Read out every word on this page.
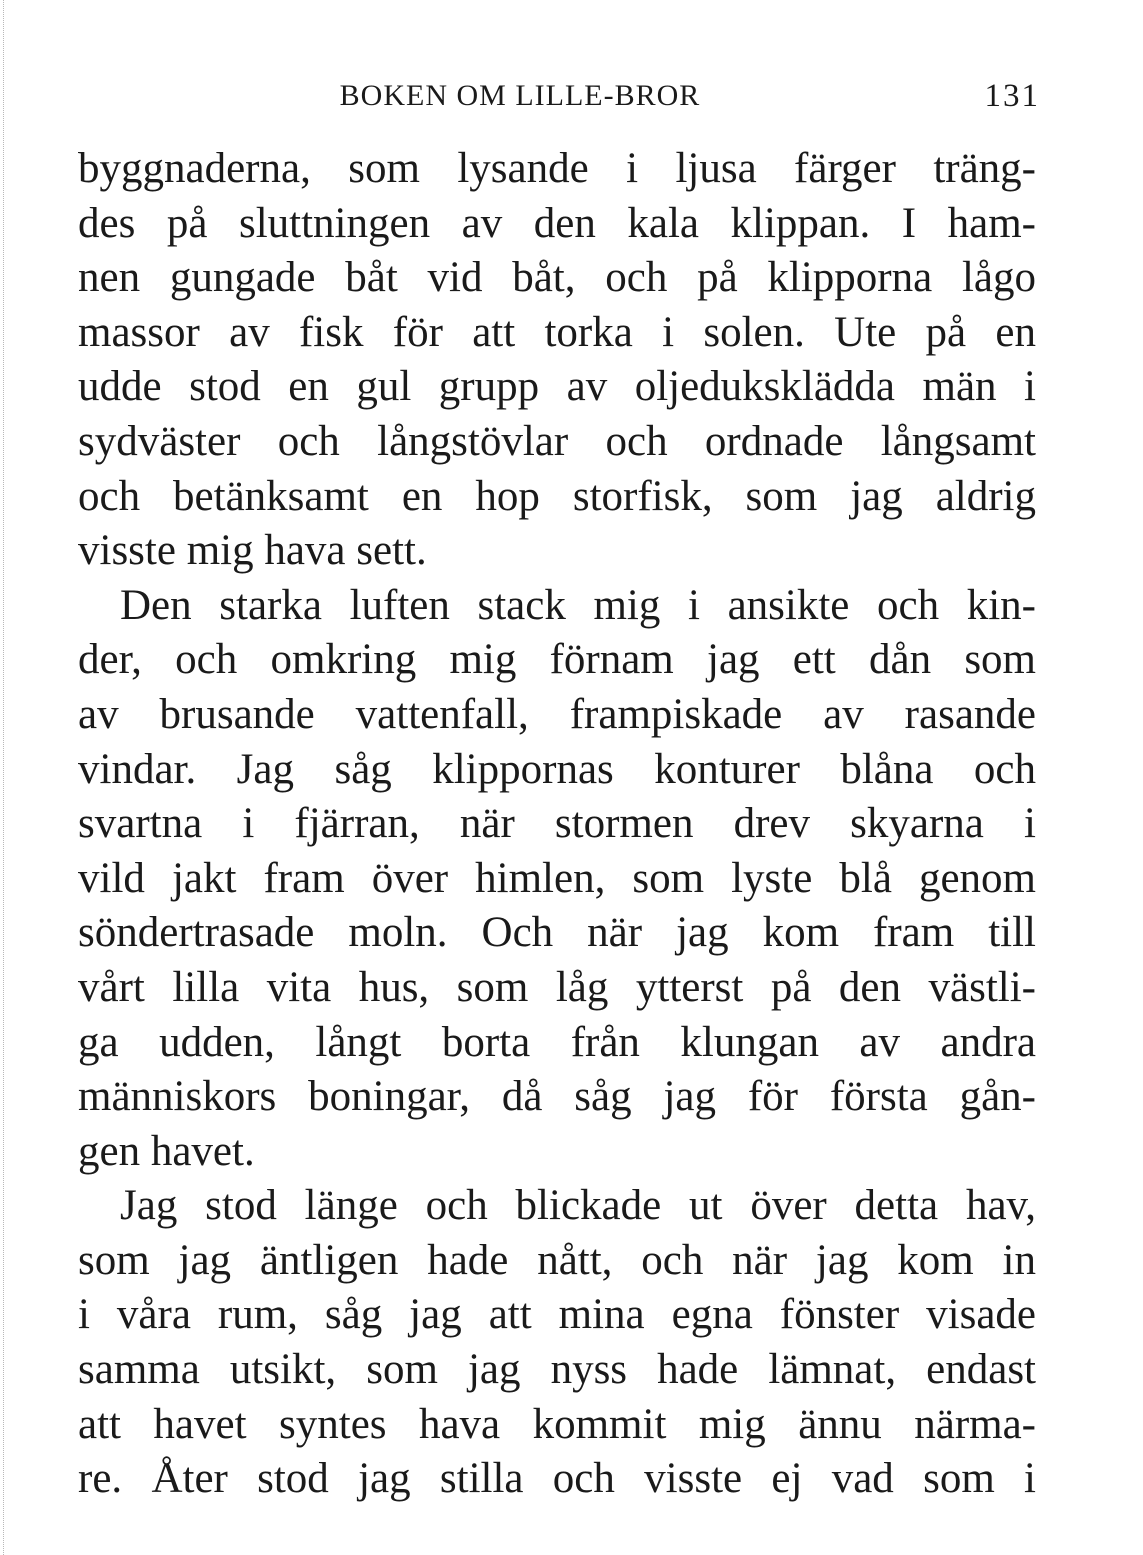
BOKEN OM LILLE-BROR	131
byggnaderna, som lysande i ljusa färger träng-
des på sluttningen av den kala klippan. I ham-
nen gungade båt vid båt, och på klipporna lågo
massor av fisk för att torka i solen. Ute på en
udde stod en gul grupp av oljeduksklädda män i
sydväster och långstövlar och ordnade långsamt
och betänksamt en hop storfisk, som jag aldrig
visste mig hava sett.
Den starka luften stack mig i ansikte och kin-
der, och omkring mig förnam jag ett dån som
av brusande vattenfall, frampiskade av rasande
vindar. Jag såg klippornas konturer blåna och
svartna i fjärran, när stormen drev skyarna i
vild jakt fram över himlen, som lyste blå genom
söndertrasade moln. Och när jag kom fram till
vårt lilla vita hus, som låg ytterst på den västli-
ga udden, långt borta från klungan av andra
människors boningar, då såg jag för första gån-
gen havet.
Jag stod länge och blickade ut över detta hav,
som jag äntligen hade nått, och när jag kom in
i våra rum, såg jag att mina egna fönster visade
samma utsikt, som jag nyss hade lämnat, endast
att havet syntes hava kommit mig ännu närma-
re. Åter stod jag stilla och visste ej vad som i
